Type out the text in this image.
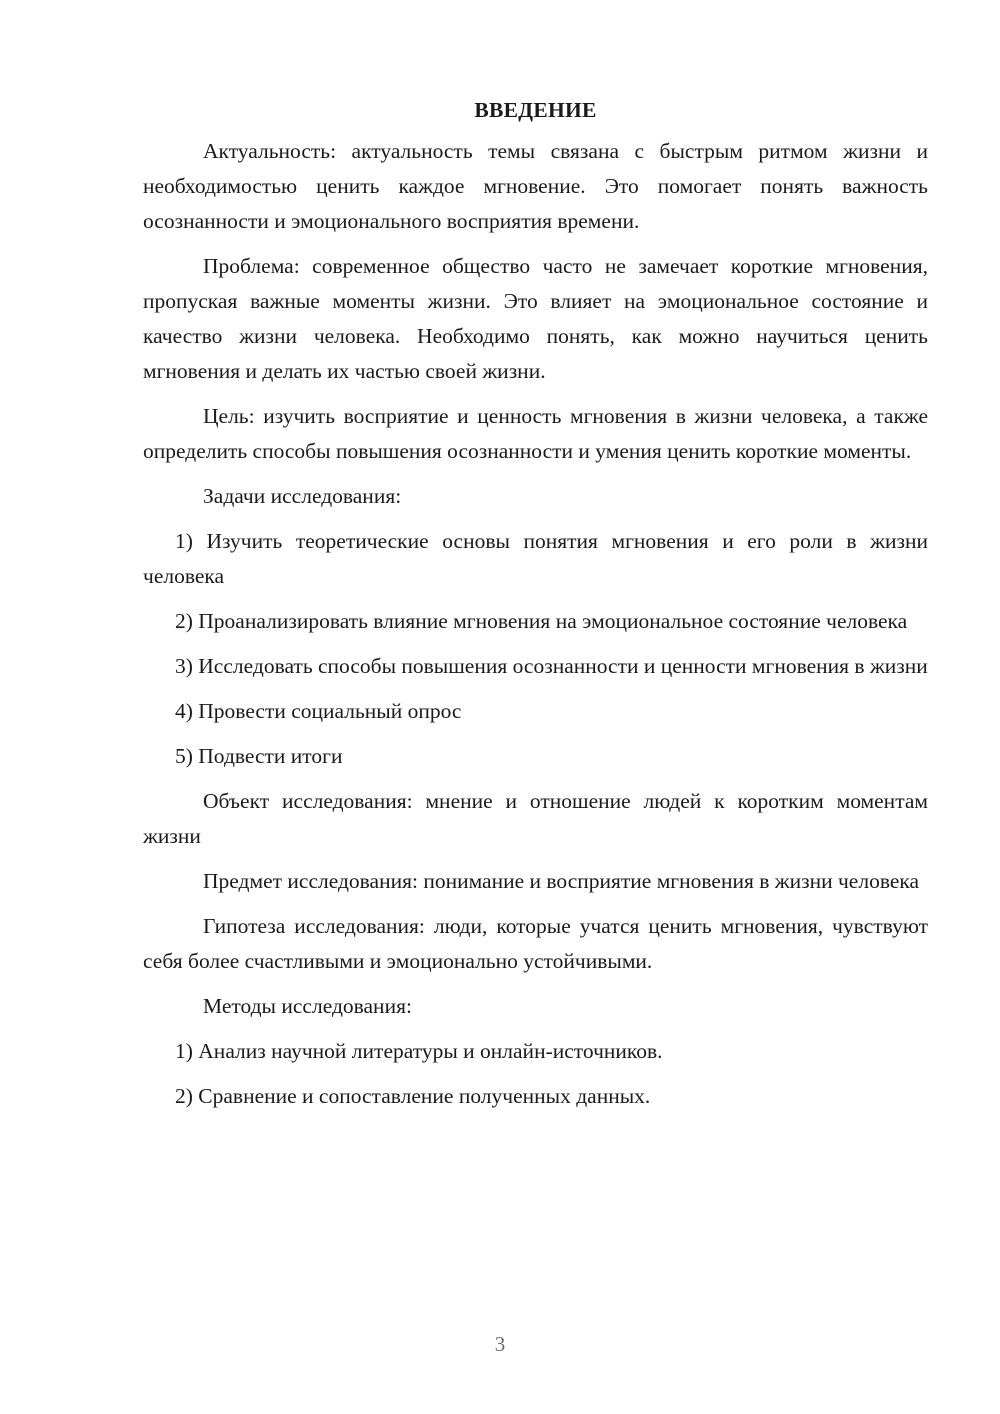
ВВЕДЕНИЕ

Актуальность: актуальность темы связана с быстрым ритмом жизни и необходимостью ценить каждое мгновение. Это помогает понять важность осознанности и эмоционального восприятия времени.

Проблема: современное общество часто не замечает короткие мгновения, пропуская важные моменты жизни. Это влияет на эмоциональное состояние и качество жизни человека. Необходимо понять, как можно научиться ценить мгновения и делать их частью своей жизни.

Цель: изучить восприятие и ценность мгновения в жизни человека, а также определить способы повышения осознанности и умения ценить короткие моменты.

Задачи исследования:

1) Изучить теоретические основы понятия мгновения и его роли в жизни человека

2) Проанализировать влияние мгновения на эмоциональное состояние человека

3) Исследовать способы повышения осознанности и ценности мгновения в жизни

4) Провести социальный опрос

5) Подвести итоги

Объект исследования: мнение и отношение людей к коротким моментам жизни

Предмет исследования: понимание и восприятие мгновения в жизни человека

Гипотеза исследования: люди, которые учатся ценить мгновения, чувствуют себя более счастливыми и эмоционально устойчивыми.

Методы исследования:

1) Анализ научной литературы и онлайн-источников.

2) Сравнение и сопоставление полученных данных.

3
